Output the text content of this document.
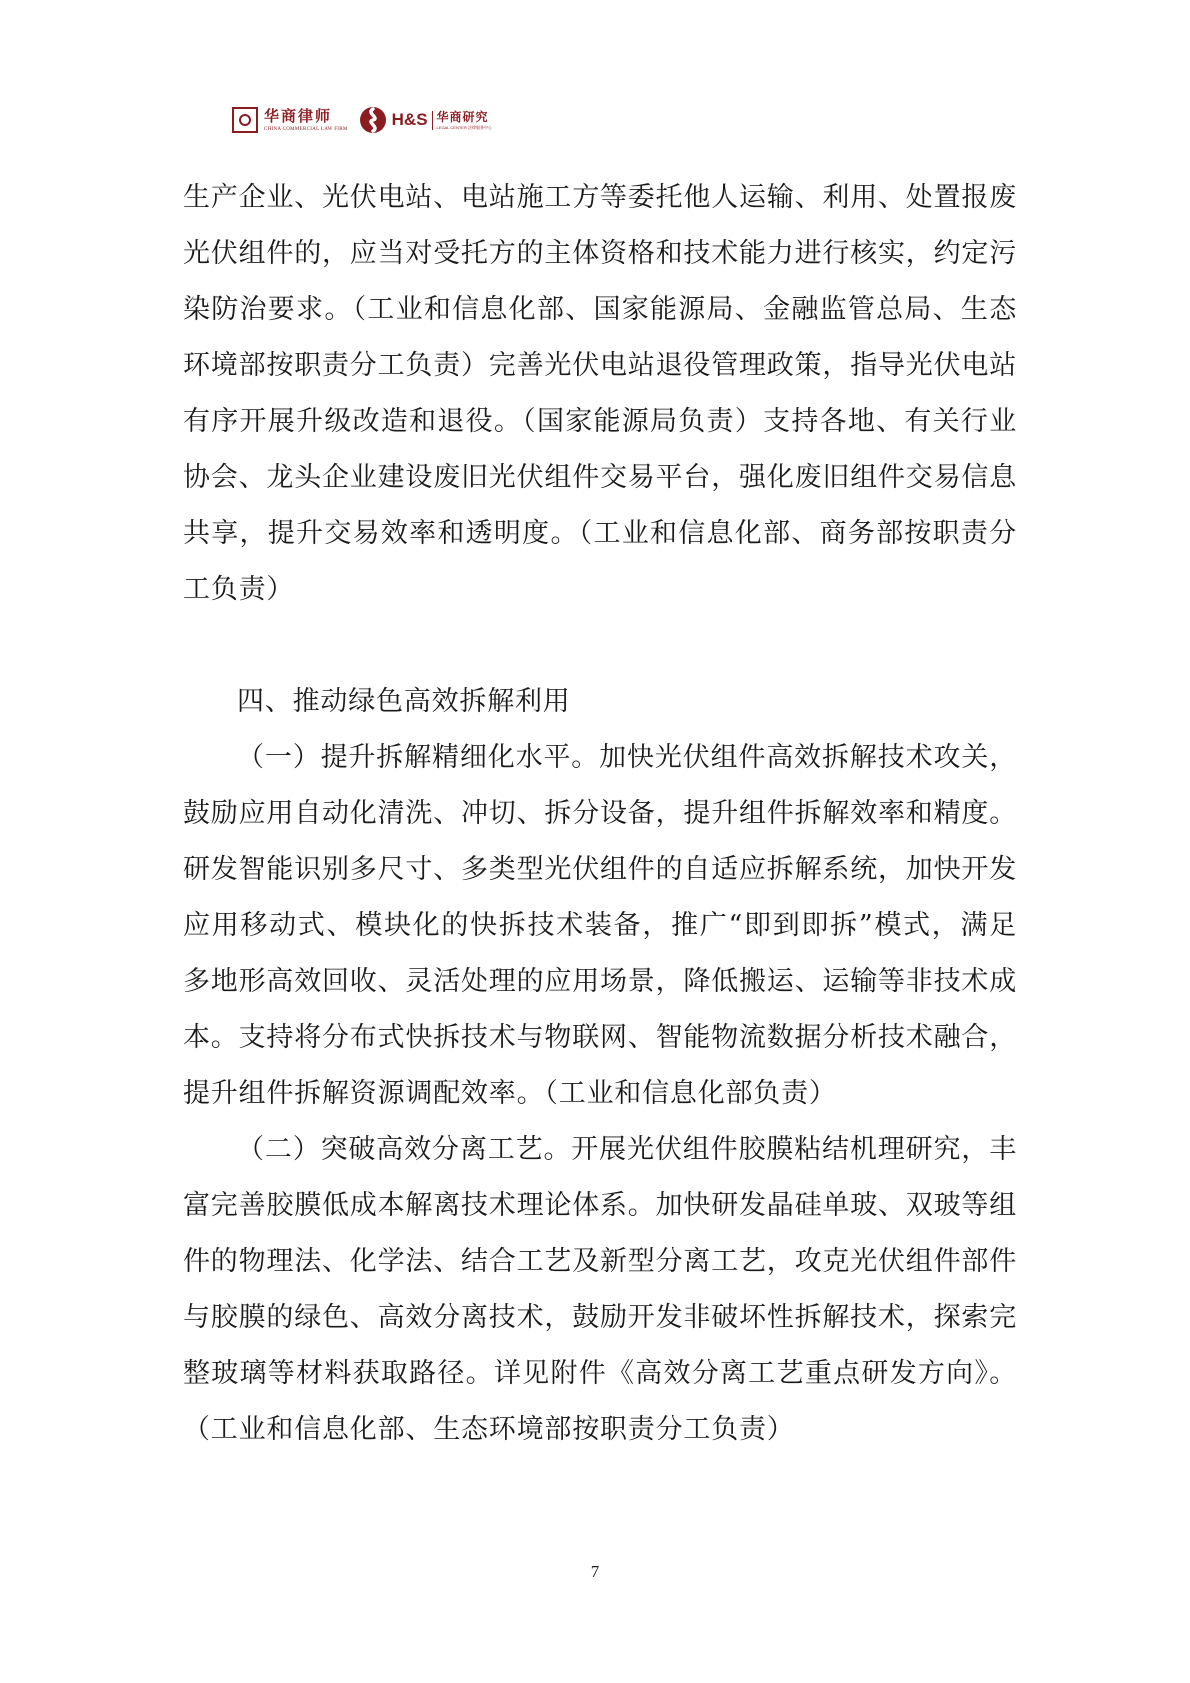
华商律师
CHINA COMMERCIAL LAW FIRM	H&S 华商研究
LEGAL CENTER 法律服务中心

生产企业、光伏电站、电站施工方等委托他人运输、利用、处置报废光伏组件的，应当对受托方的主体资格和技术能力进行核实，约定污染防治要求。（工业和信息化部、国家能源局、金融监管总局、生态环境部按职责分工负责）完善光伏电站退役管理政策，指导光伏电站有序开展升级改造和退役。（国家能源局负责）支持各地、有关行业协会、龙头企业建设废旧光伏组件交易平台，强化废旧组件交易信息共享，提升交易效率和透明度。（工业和信息化部、商务部按职责分工负责）

四、推动绿色高效拆解利用

（一）提升拆解精细化水平。加快光伏组件高效拆解技术攻关，鼓励应用自动化清洗、冲切、拆分设备，提升组件拆解效率和精度。研发智能识别多尺寸、多类型光伏组件的自适应拆解系统，加快开发应用移动式、模块化的快拆技术装备，推广“即到即拆”模式，满足多地形高效回收、灵活处理的应用场景，降低搬运、运输等非技术成本。支持将分布式快拆技术与物联网、智能物流数据分析技术融合，提升组件拆解资源调配效率。（工业和信息化部负责）

（二）突破高效分离工艺。开展光伏组件胶膜粘结机理研究，丰富完善胶膜低成本解离技术理论体系。加快研发晶硅单玻、双玻等组件的物理法、化学法、结合工艺及新型分离工艺，攻克光伏组件部件与胶膜的绿色、高效分离技术，鼓励开发非破坏性拆解技术，探索完整玻璃等材料获取路径。详见附件《高效分离工艺重点研发方向》。（工业和信息化部、生态环境部按职责分工负责）

7
